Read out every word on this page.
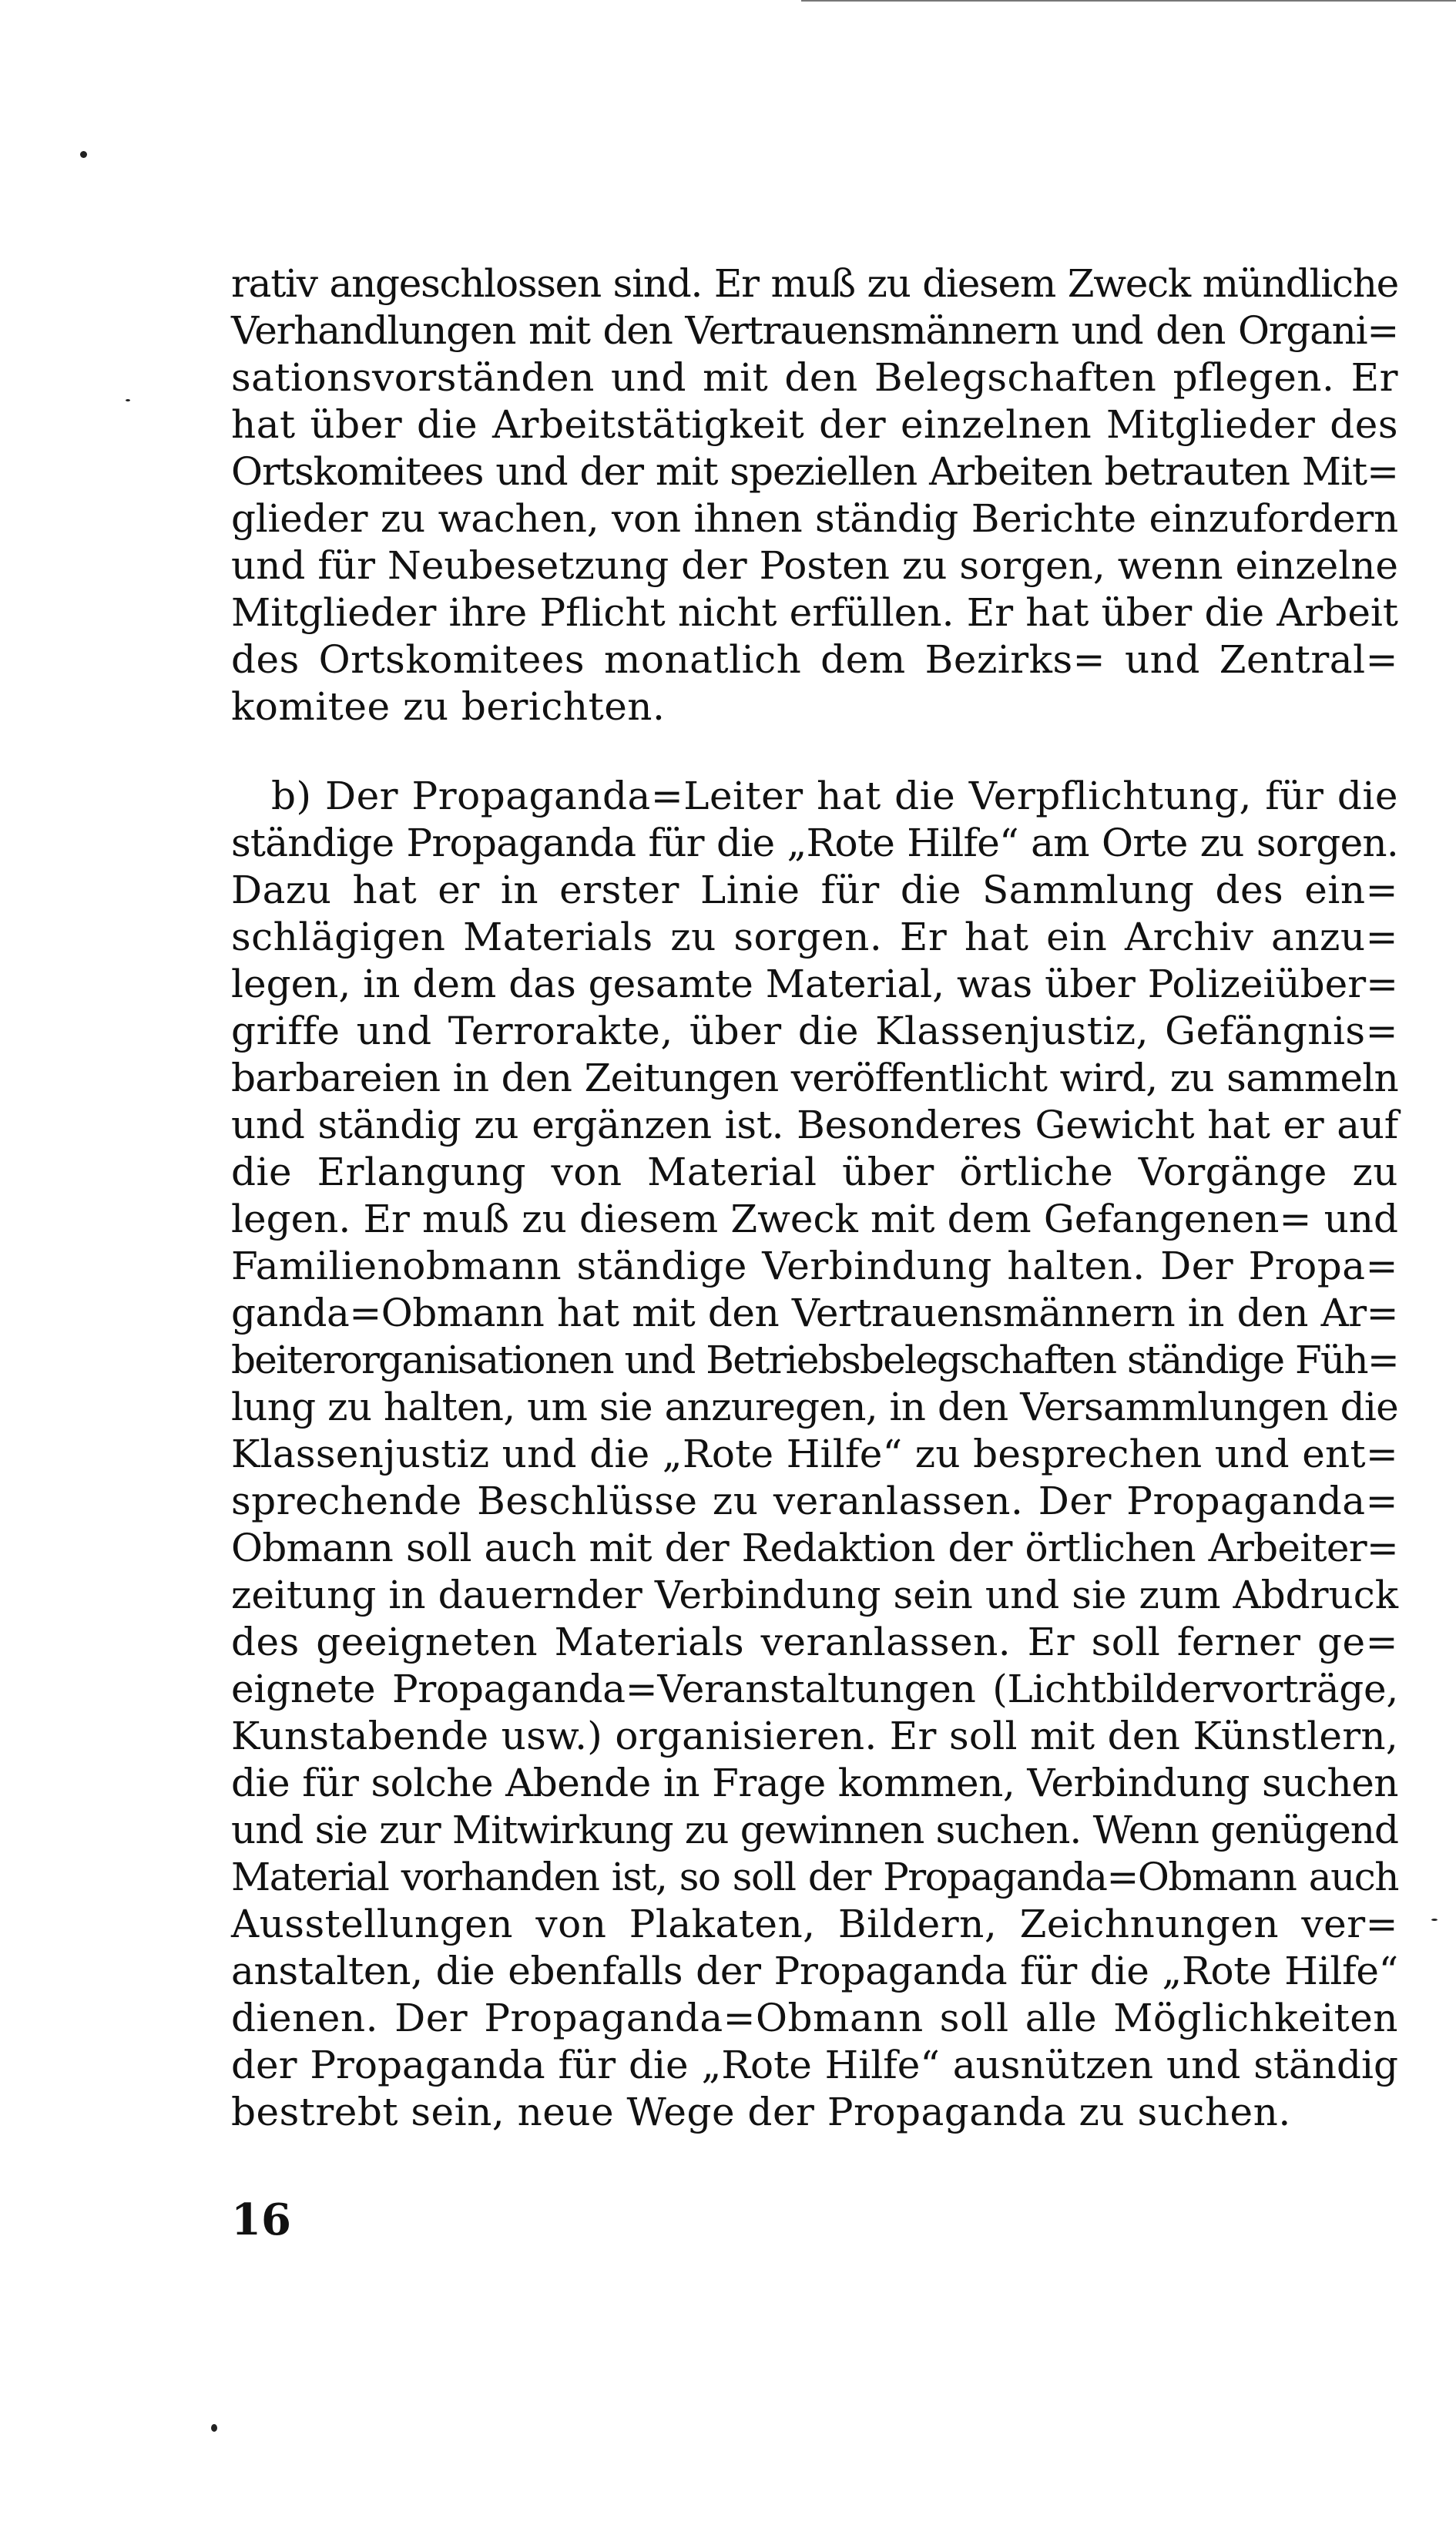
rativ angeschlossen sind. Er muß zu diesem Zweck mündliche
Verhandlungen mit den Vertrauensmännern und den Organi=
sationsvorständen und mit den Belegschaften pflegen. Er
hat über die Arbeitstätigkeit der einzelnen Mitglieder des
Ortskomitees und der mit speziellen Arbeiten betrauten Mit=
glieder zu wachen, von ihnen ständig Berichte einzufordern
und für Neubesetzung der Posten zu sorgen, wenn einzelne
Mitglieder ihre Pflicht nicht erfüllen. Er hat über die Arbeit
des Ortskomitees monatlich dem Bezirks= und Zentral=
komitee zu berichten.
b) Der Propaganda=Leiter hat die Verpflichtung, für die
ständige Propaganda für die „Rote Hilfe“ am Orte zu sorgen.
Dazu hat er in erster Linie für die Sammlung des ein=
schlägigen Materials zu sorgen. Er hat ein Archiv anzu=
legen, in dem das gesamte Material, was über Polizeiüber=
griffe und Terrorakte, über die Klassenjustiz, Gefängnis=
barbareien in den Zeitungen veröffentlicht wird, zu sammeln
und ständig zu ergänzen ist. Besonderes Gewicht hat er auf
die Erlangung von Material über örtliche Vorgänge zu
legen. Er muß zu diesem Zweck mit dem Gefangenen= und
Familienobmann ständige Verbindung halten. Der Propa=
ganda=Obmann hat mit den Vertrauensmännern in den Ar=
beiterorganisationen und Betriebsbelegschaften ständige Füh=
lung zu halten, um sie anzuregen, in den Versammlungen die
Klassenjustiz und die „Rote Hilfe“ zu besprechen und ent=
sprechende Beschlüsse zu veranlassen. Der Propaganda=
Obmann soll auch mit der Redaktion der örtlichen Arbeiter=
zeitung in dauernder Verbindung sein und sie zum Abdruck
des geeigneten Materials veranlassen. Er soll ferner ge=
eignete Propaganda=Veranstaltungen (Lichtbildervorträge,
Kunstabende usw.) organisieren. Er soll mit den Künstlern,
die für solche Abende in Frage kommen, Verbindung suchen
und sie zur Mitwirkung zu gewinnen suchen. Wenn genügend
Material vorhanden ist, so soll der Propaganda=Obmann auch
Ausstellungen von Plakaten, Bildern, Zeichnungen ver=
anstalten, die ebenfalls der Propaganda für die „Rote Hilfe“
dienen. Der Propaganda=Obmann soll alle Möglichkeiten
der Propaganda für die „Rote Hilfe“ ausnützen und ständig
bestrebt sein, neue Wege der Propaganda zu suchen.
16
